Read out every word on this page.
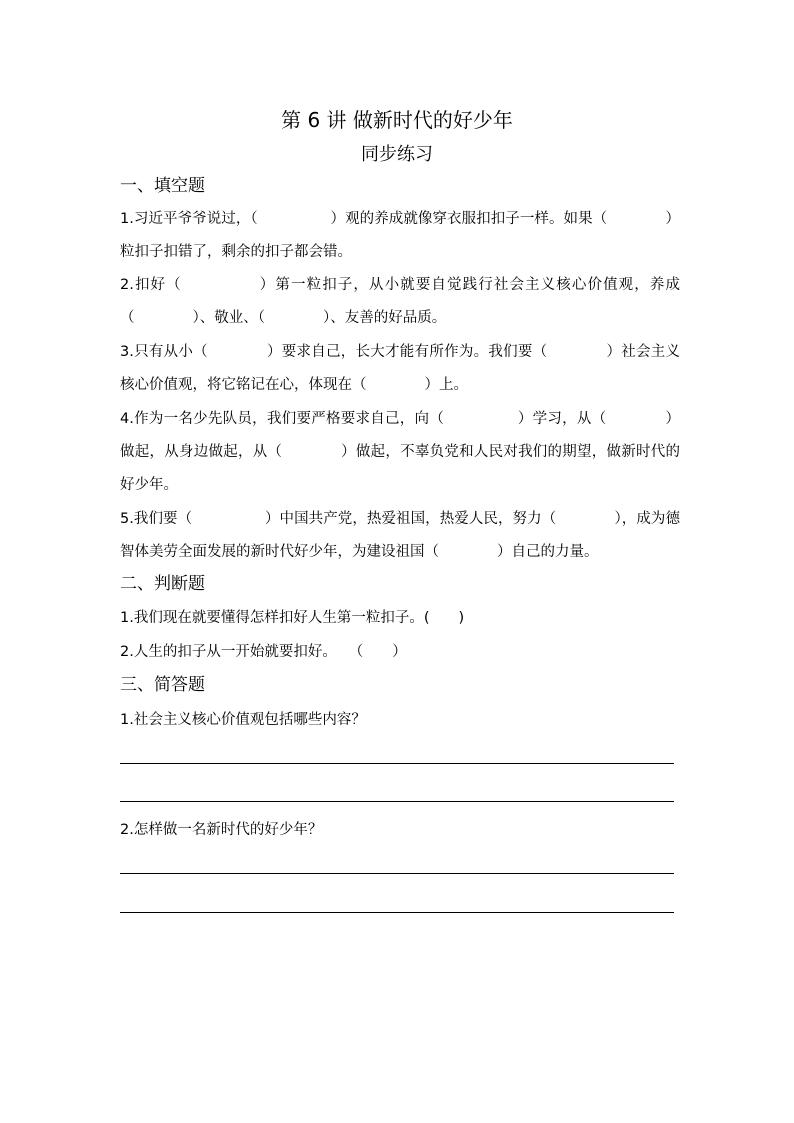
第 6 讲 做新时代的好少年
同步练习
一、填空题
1.习近平爷爷说过，（　　　　　）观的养成就像穿衣服扣扣子一样。如果（　　　　）粒扣子扣错了，剩余的扣子都会错。
2.扣好（　　　　　）第一粒扣子，从小就要自觉践行社会主义核心价值观，养成（　　　　）、敬业、（　　　　）、友善的好品质。
3.只有从小（　　　　）要求自己，长大才能有所作为。我们要（　　　　）社会主义核心价值观，将它铭记在心，体现在（　　　　）上。
4.作为一名少先队员，我们要严格要求自己，向（　　　　　）学习，从（　　　　）做起，从身边做起，从（　　　　）做起，不辜负党和人民对我们的期望，做新时代的好少年。
5.我们要（　　　　　）中国共产党，热爱祖国，热爱人民，努力（　　　　），成为德智体美劳全面发展的新时代好少年，为建设祖国（　　　　）自己的力量。
二、判断题
1.我们现在就要懂得怎样扣好人生第一粒扣子。(　　)
2.人生的扣子从一开始就要扣好。　 （　　）
三、简答题
1.社会主义核心价值观包括哪些内容？
2.怎样做一名新时代的好少年？
